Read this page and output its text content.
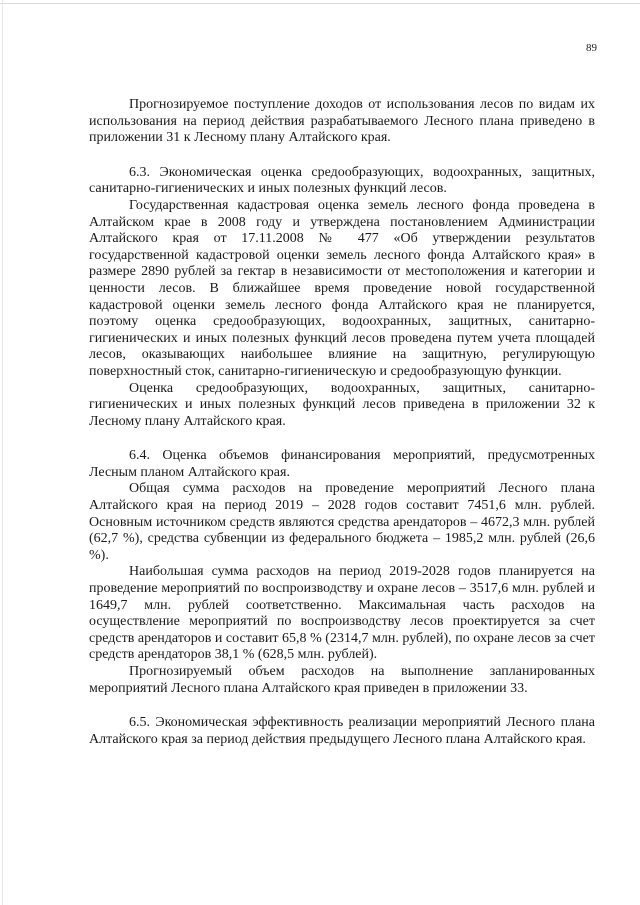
89

Прогнозируемое поступление доходов от использования лесов по видам их использования на период действия разрабатываемого Лесного плана приведено в приложении 31 к Лесному плану Алтайского края.

6.3. Экономическая оценка средообразующих, водоохранных, защитных, санитарно-гигиенических и иных полезных функций лесов.

Государственная кадастровая оценка земель лесного фонда проведена в Алтайском крае в 2008 году и утверждена постановлением Администрации Алтайского края от 17.11.2008 № 477 «Об утверждении результатов государственной кадастровой оценки земель лесного фонда Алтайского края» в размере 2890 рублей за гектар в независимости от местоположения и категории и ценности лесов. В ближайшее время проведение новой государственной кадастровой оценки земель лесного фонда Алтайского края не планируется, поэтому оценка средообразующих, водоохранных, защитных, санитарно-гигиенических и иных полезных функций лесов проведена путем учета площадей лесов, оказывающих наибольшее влияние на защитную, регулирующую поверхностный сток, санитарно-гигиеническую и средообразующую функции.

Оценка средообразующих, водоохранных, защитных, санитарно-гигиенических и иных полезных функций лесов приведена в приложении 32 к Лесному плану Алтайского края.

6.4. Оценка объемов финансирования мероприятий, предусмотренных Лесным планом Алтайского края.

Общая сумма расходов на проведение мероприятий Лесного плана Алтайского края на период 2019 – 2028 годов составит 7451,6 млн. рублей. Основным источником средств являются средства арендаторов – 4672,3 млн. рублей (62,7 %), средства субвенции из федерального бюджета – 1985,2 млн. рублей (26,6 %).

Наибольшая сумма расходов на период 2019-2028 годов планируется на проведение мероприятий по воспроизводству и охране лесов – 3517,6 млн. рублей и 1649,7 млн. рублей соответственно. Максимальная часть расходов на осуществление мероприятий по воспроизводству лесов проектируется за счет средств арендаторов и составит 65,8 % (2314,7 млн. рублей), по охране лесов за счет средств арендаторов 38,1 % (628,5 млн. рублей).

Прогнозируемый объем расходов на выполнение запланированных мероприятий Лесного плана Алтайского края приведен в приложении 33.

6.5. Экономическая эффективность реализации мероприятий Лесного плана Алтайского края за период действия предыдущего Лесного плана Алтайского края.
